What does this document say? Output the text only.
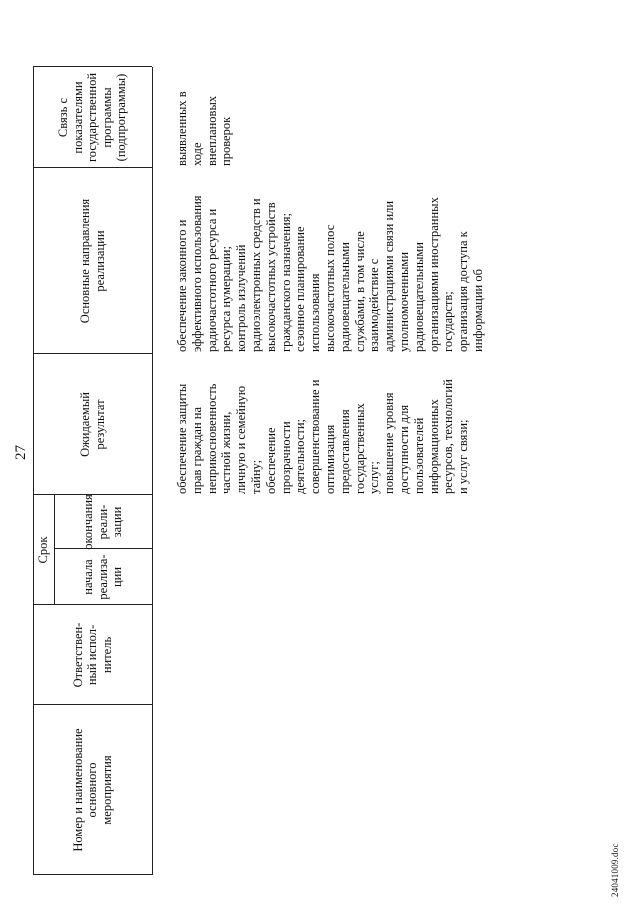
27
Номер и наименование
основного
мероприятия
Ответствен-
ный испол-
нитель
Срок
начала
реализа-
ции
окончания
реали-
зации
Ожидаемый
результат
Основные направления
реализации
Связь с
показателями
государственной
программы
(подпрограммы)
обеспечение защиты
прав граждан на
неприкосновенность
частной жизни,
личную и семейную
тайну;
обеспечение
прозрачности
деятельности;
совершенствование и
оптимизация
предоставления
государственных
услуг;
повышение уровня
доступности для
пользователей
информационных
ресурсов, технологий
и услуг связи;
обеспечение законного и
эффективного использования
радиочастотного ресурса и
ресурса нумерации;
контроль излучений
радиоэлектронных средств и
высокочастотных устройств
гражданского назначения;
сезонное планирование
использования
высокочастотных полос
радиовещательными
службами, в том числе
взаимодействие с
администрациями связи или
уполномоченными
радиовещательными
организациями иностранных
государств;
организация доступа к
информации об
выявленных в
ходе
внеплановых
проверок
24041009.doc
